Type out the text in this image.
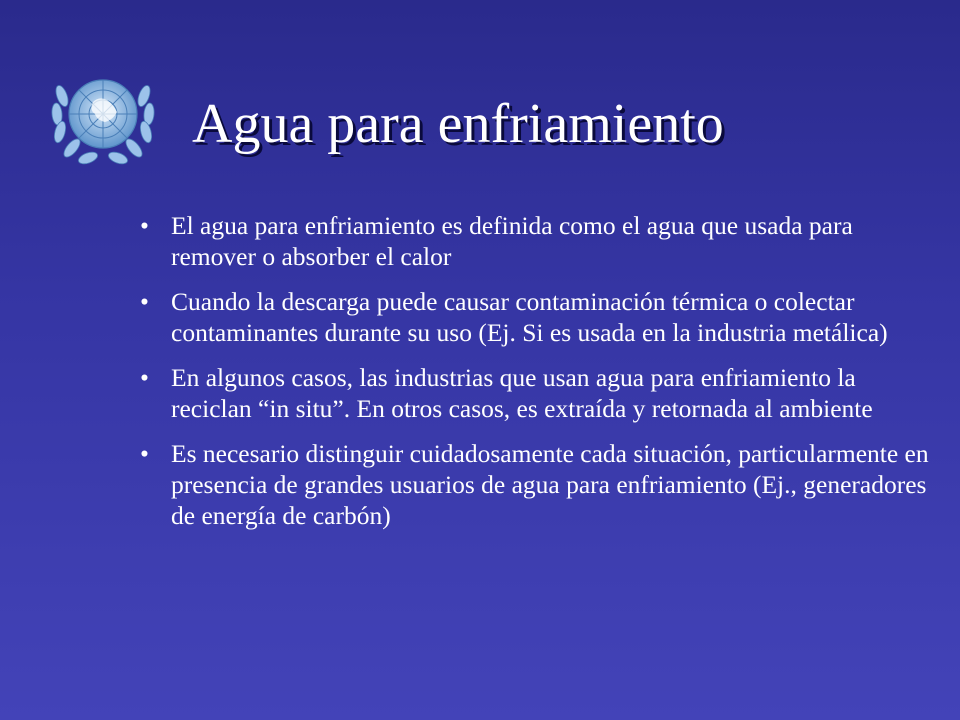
Agua para enfriamiento
• El agua para enfriamiento es definida como el agua que usada para remover o absorber el calor
• Cuando la descarga puede causar contaminación térmica o colectar contaminantes durante su uso (Ej. Si es usada en la industria metálica)
• En algunos casos, las industrias que usan agua para enfriamiento la reciclan “in situ”. En otros casos, es extraída y retornada al ambiente
• Es necesario distinguir cuidadosamente cada situación, particularmente en presencia de grandes usuarios de agua para enfriamiento (Ej., generadores de energía de carbón)
